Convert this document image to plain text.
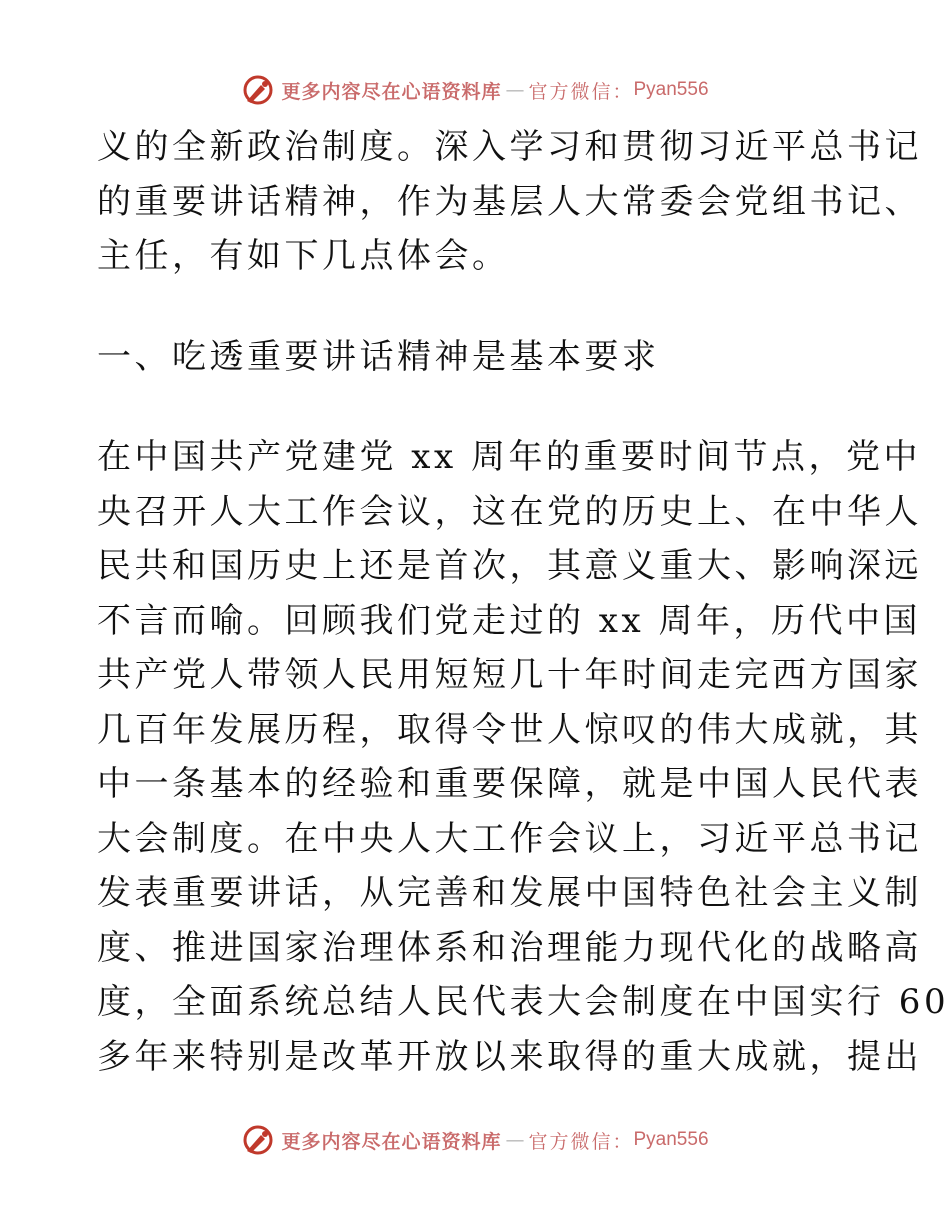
更多内容尽在心语资料库 — 官方微信： Pyan556
义的全新政治制度。深入学习和贯彻习近平总书记
的重要讲话精神，作为基层人大常委会党组书记、
主任，有如下几点体会。
一、吃透重要讲话精神是基本要求
在中国共产党建党 xx 周年的重要时间节点，党中
央召开人大工作会议，这在党的历史上、在中华人
民共和国历史上还是首次，其意义重大、影响深远
不言而喻。回顾我们党走过的 xx 周年，历代中国
共产党人带领人民用短短几十年时间走完西方国家
几百年发展历程，取得令世人惊叹的伟大成就，其
中一条基本的经验和重要保障，就是中国人民代表
大会制度。在中央人大工作会议上，习近平总书记
发表重要讲话，从完善和发展中国特色社会主义制
度、推进国家治理体系和治理能力现代化的战略高
度，全面系统总结人民代表大会制度在中国实行 60
多年来特别是改革开放以来取得的重大成就，提出
更多内容尽在心语资料库 — 官方微信： Pyan556
